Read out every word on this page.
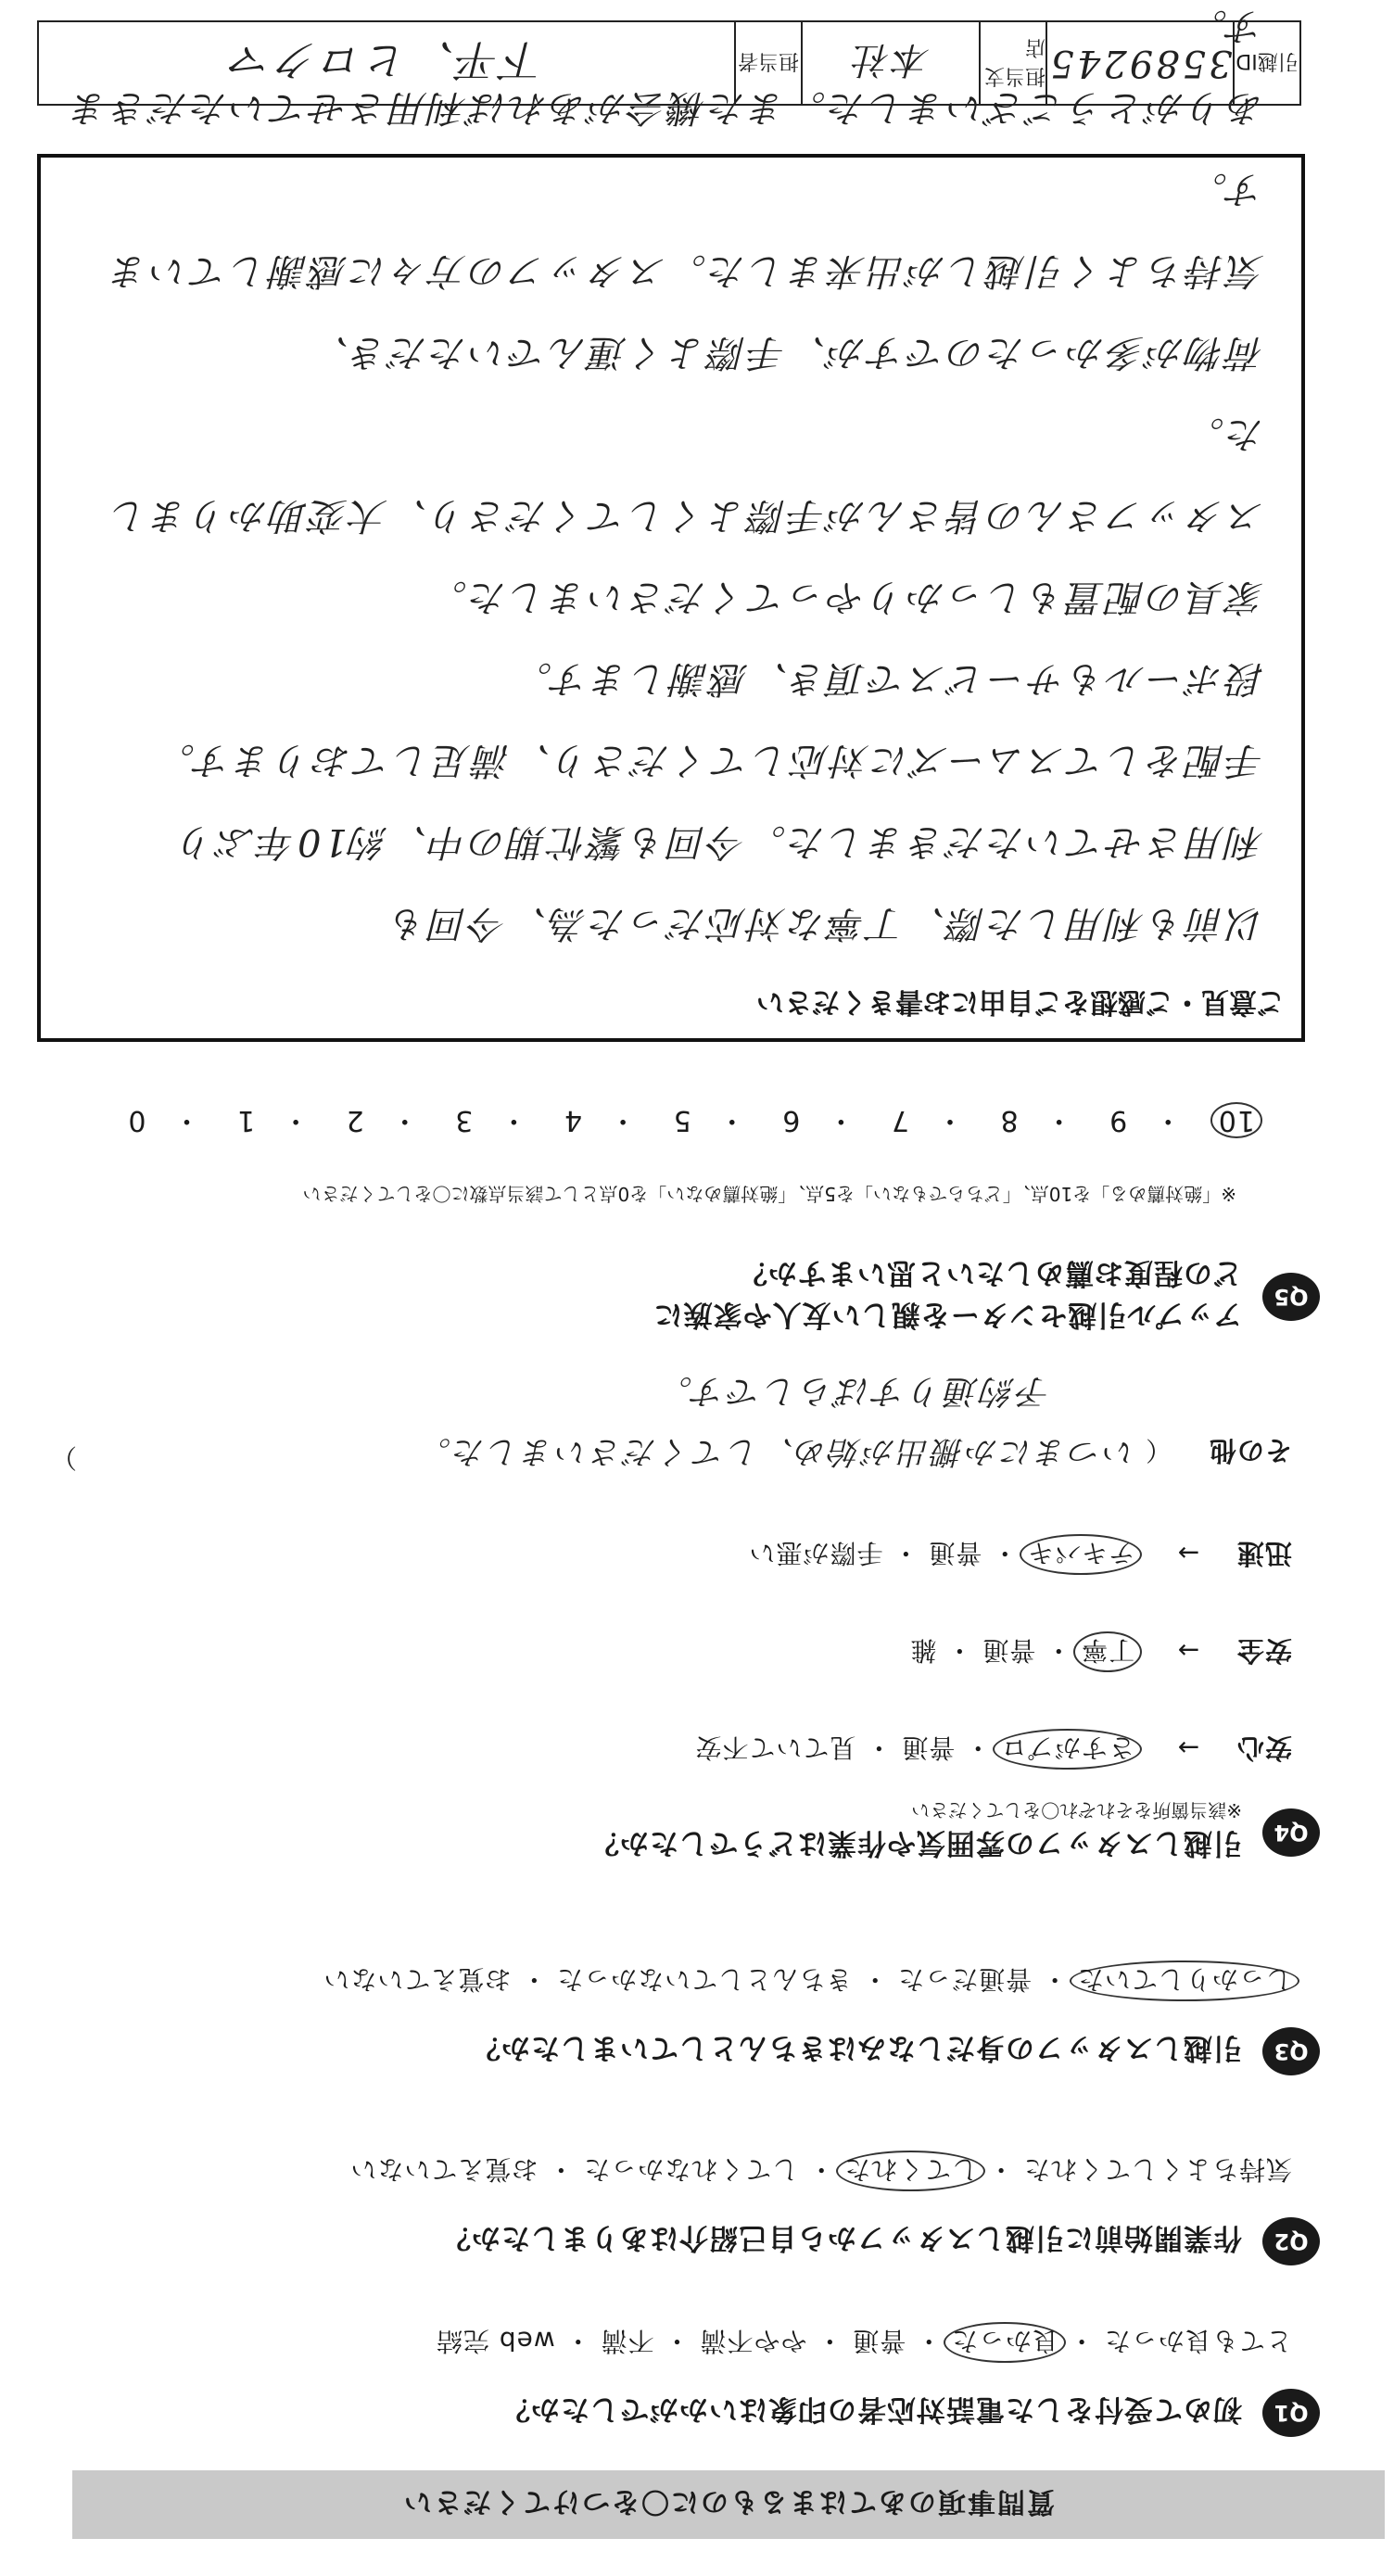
質問事項のあてはまるものに〇をつけてください
Q1
初めて受付をした電話対応者の印象はいかがでしたか？
とても良かった ・ 良かった ・ 普通 ・ やや不満 ・ 不満 ・ web 完結
Q2
作業開始前に引越しスタッフから自己紹介はありましたか？
気持ちよくしてくれた ・ してくれた ・ してくれなかった ・ お覚えていない
Q3
引越しスタッフの身だしなみはきちんとしていましたか？
しっかりしていた ・ 普通だった ・ きちんとしていなかった ・ お覚えていない
Q4
引越しスタッフの雰囲気や作業はどうでしたか？
※該当箇所をそれぞれ〇をしてください
安心 → さすがプロ ・ 普通 ・ 見ていて不安
安全 → 丁寧 ・ 普通 ・ 雑
迅速 → テキパキ ・ 普通 ・ 手際が悪い
その他 （ いつまにか搬出が始め、してくださいました。
）
予約通りすばらしです。
Q5
アップル引越センターを親しい友人や家族に
どの程度お薦めしたいと思いますか？
※「絶対薦める」を10点、「どちらでもない」を5点、「絶対薦めない」を0点として該当点数に〇をしてください
10 ・9 ・8 ・7 ・6 ・5 ・4 ・3 ・2 ・1 ・0
ご意見・ご感想をご自由にお書きください
以前も利用した際、丁寧な対応だった為、今回も
利用させていただきました。今回も繁忙期の中、約10年ぶり
手配をしてスムーズに対応してくださり、満足しております。
段ボールもサービスで頂き、感謝します。
家具の配置もしっかりやってくださいました。
スタッフさんの皆さんが手際よくしてくださり、大変助かりました。
荷物が多かったのですが、手際よく運んでいただき、
気持ちよく引越しが出来ました。スタッフの方々に感謝しています。
ありがとうございました。また機会があれば利用させていただきます。
引越ID
3589245
担当支店
本社
担当者
下平、ヒロクマ
